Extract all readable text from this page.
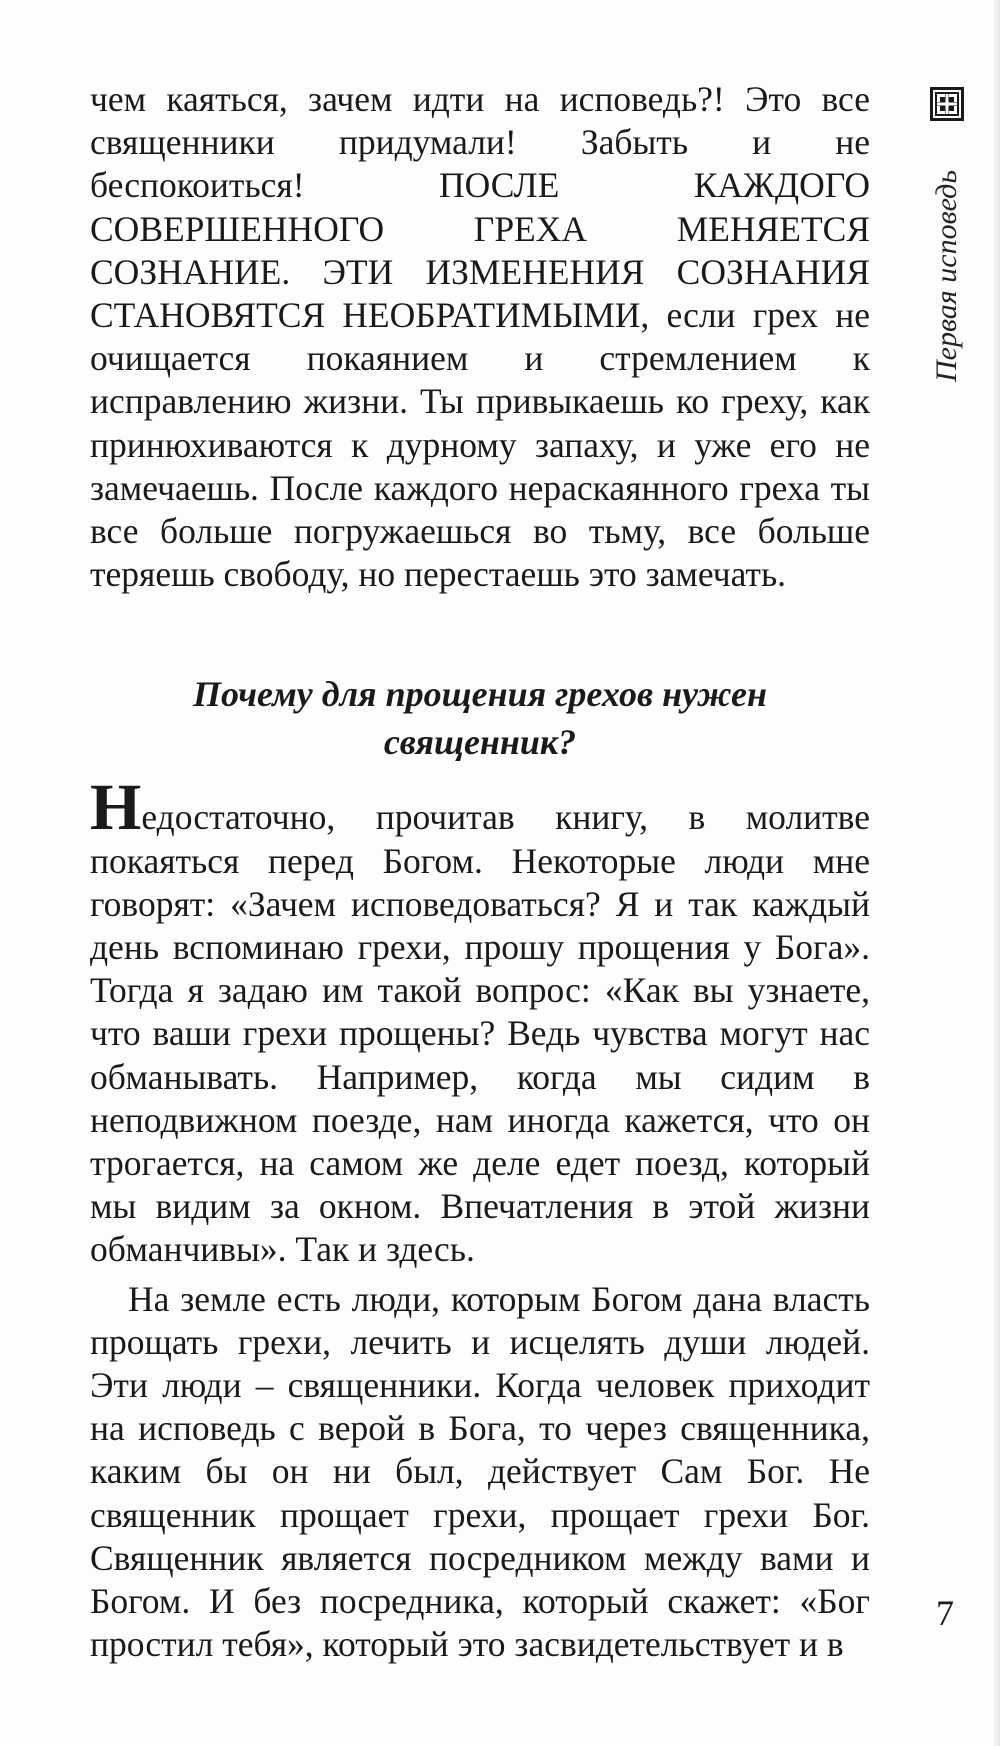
чем каяться, зачем идти на исповедь?! Это все священники придумали! Забыть и не беспокоиться! ПОСЛЕ КАЖДОГО СОВЕРШЕННОГО ГРЕХА МЕНЯЕТСЯ СОЗНАНИЕ. ЭТИ ИЗМЕНЕНИЯ СОЗНАНИЯ СТАНОВЯТСЯ НЕОБРАТИМЫМИ, если грех не очищается покаянием и стремлением к исправлению жизни. Ты привыкаешь ко греху, как принюхиваются к дурному запаху, и уже его не замечаешь. После каждого нераскаянного греха ты все больше погружаешься во тьму, все больше теряешь свободу, но перестаешь это замечать.

Почему для прощения грехов нужен священник?

Недостаточно, прочитав книгу, в молитве покаяться перед Богом. Некоторые люди мне говорят: «Зачем исповедоваться? Я и так каждый день вспоминаю грехи, прошу прощения у Бога». Тогда я задаю им такой вопрос: «Как вы узнаете, что ваши грехи прощены? Ведь чувства могут нас обманывать. Например, когда мы сидим в неподвижном поезде, нам иногда кажется, что он трогается, на самом же деле едет поезд, который мы видим за окном. Впечатления в этой жизни обманчивы». Так и здесь.

На земле есть люди, которым Богом дана власть прощать грехи, лечить и исцелять души людей. Эти люди – священники. Когда человек приходит на исповедь с верой в Бога, то через священника, каким бы он ни был, действует Сам Бог. Не священник прощает грехи, прощает грехи Бог. Священник является посредником между вами и Богом. И без посредника, который скажет: «Бог простил тебя», который это засвидетельствует и в

Первая исповедь
7
